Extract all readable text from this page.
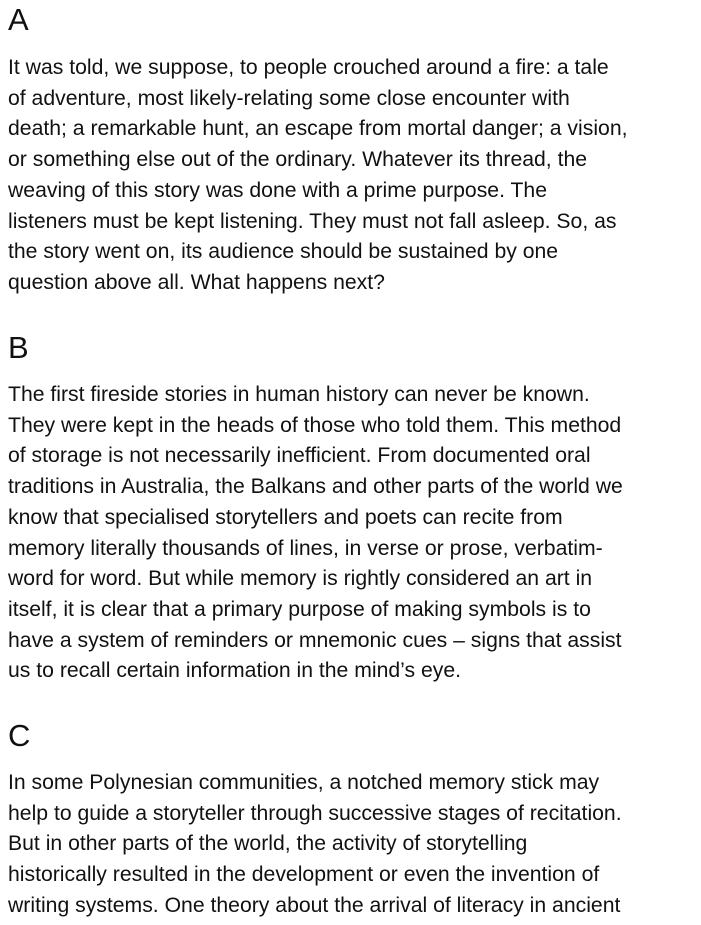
A

It was told, we suppose, to people crouched around a fire: a tale
of adventure, most likely-relating some close encounter with
death; a remarkable hunt, an escape from mortal danger; a vision,
or something else out of the ordinary. Whatever its thread, the
weaving of this story was done with a prime purpose. The
listeners must be kept listening. They must not fall asleep. So, as
the story went on, its audience should be sustained by one
question above all. What happens next?

B

The first fireside stories in human history can never be known.
They were kept in the heads of those who told them. This method
of storage is not necessarily inefficient. From documented oral
traditions in Australia, the Balkans and other parts of the world we
know that specialised storytellers and poets can recite from
memory literally thousands of lines, in verse or prose, verbatim-
word for word. But while memory is rightly considered an art in
itself, it is clear that a primary purpose of making symbols is to
have a system of reminders or mnemonic cues – signs that assist
us to recall certain information in the mind’s eye.

C

In some Polynesian communities, a notched memory stick may
help to guide a storyteller through successive stages of recitation.
But in other parts of the world, the activity of storytelling
historically resulted in the development or even the invention of
writing systems. One theory about the arrival of literacy in ancient
